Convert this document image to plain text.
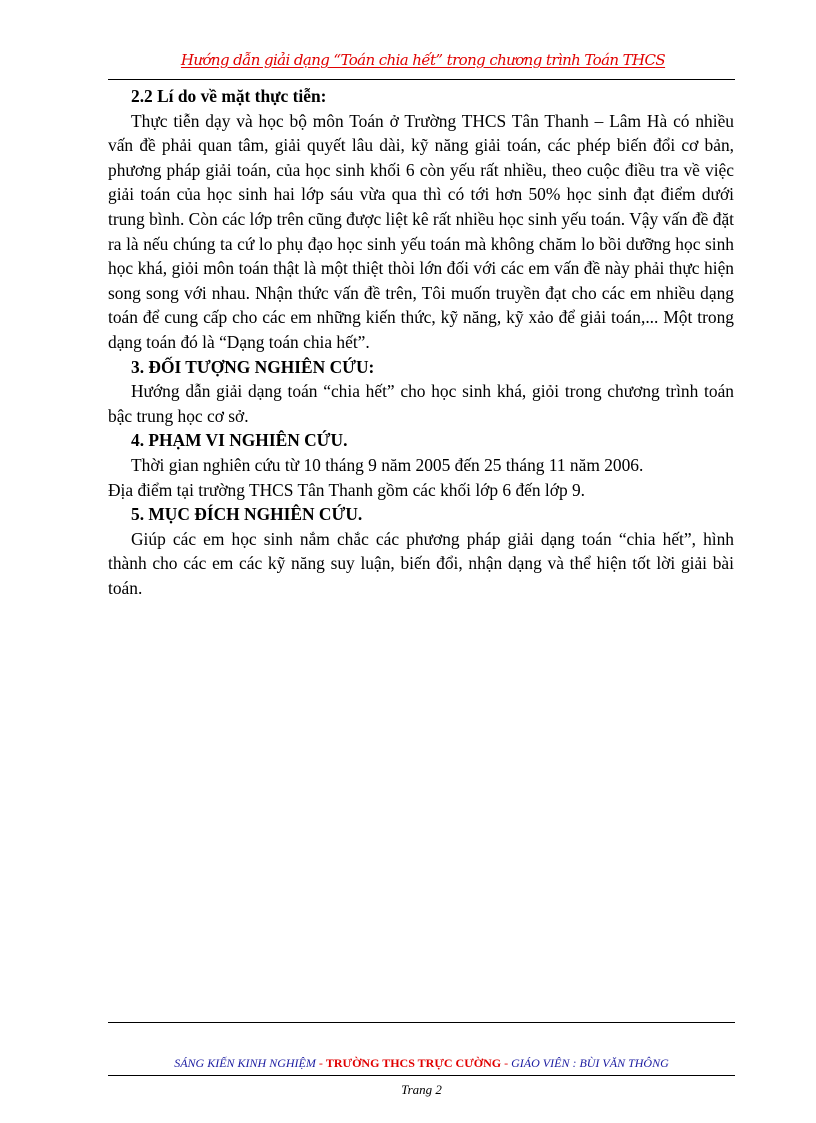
Hướng dẫn giải dạng “Toán chia hết” trong chương trình Toán THCS

2.2 Lí do về mặt thực tiễn:

Thực tiễn dạy và học bộ môn Toán ở Trường THCS Tân Thanh – Lâm Hà có nhiều vấn đề phải quan tâm, giải quyết lâu dài, kỹ năng giải toán, các phép biến đổi cơ bản, phương pháp giải toán, của học sinh khối 6 còn yếu rất nhiều, theo cuộc điều tra về việc giải toán của học sinh hai lớp sáu vừa qua thì có tới hơn 50% học sinh đạt điểm dưới trung bình. Còn các lớp trên cũng được liệt kê rất nhiều học sinh yếu toán. Vậy vấn đề đặt ra là nếu chúng ta cứ lo phụ đạo học sinh yếu toán mà không chăm lo bồi dưỡng học sinh học khá, giỏi môn toán thật là một thiệt thòi lớn đối với các em vấn đề này phải thực hiện song song với nhau. Nhận thức vấn đề trên, Tôi muốn truyền đạt cho các em nhiều dạng toán để cung cấp cho các em những kiến thức, kỹ năng, kỹ xảo để giải toán,... Một trong dạng toán đó là “Dạng toán chia hết”.

3. ĐỐI TƯỢNG NGHIÊN CỨU:

Hướng dẫn giải dạng toán “chia hết” cho học sinh khá, giỏi trong chương trình toán bậc trung học cơ sở.

4. PHẠM VI NGHIÊN CỨU.

Thời gian nghiên cứu từ 10 tháng 9 năm 2005 đến 25 tháng 11 năm 2006.

Địa điểm tại trường THCS Tân Thanh gồm các khối lớp 6 đến lớp 9.

5. MỤC ĐÍCH NGHIÊN CỨU.

Giúp các em học sinh nắm chắc các phương pháp giải dạng toán “chia hết”, hình thành cho các em các kỹ năng suy luận, biến đổi, nhận dạng và thể hiện tốt lời giải bài toán.

SÁNG KIẾN KINH NGHIỆM - TRƯỜNG THCS TRỰC CƯỜNG - GIÁO VIÊN : BÙI VĂN THÔNG
Trang 2
